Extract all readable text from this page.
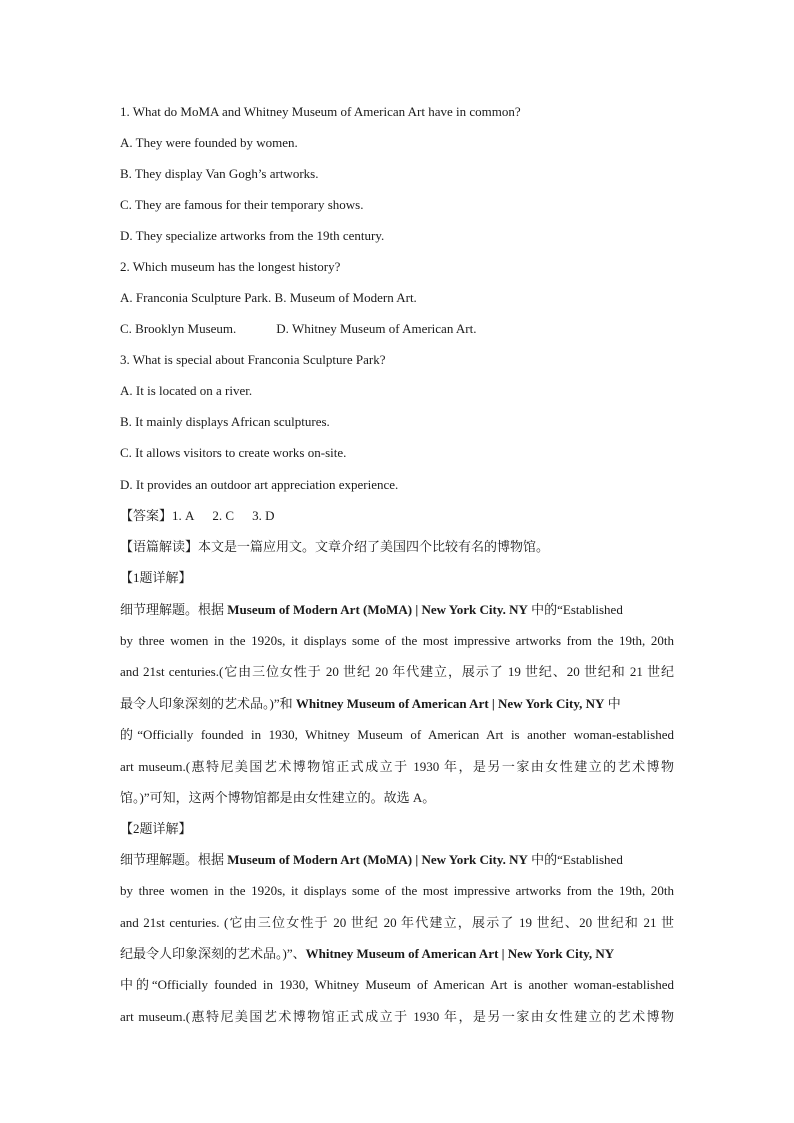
1. What do MoMA and Whitney Museum of American Art have in common?
A. They were founded by women.
B. They display Van Gogh’s artworks.
C. They are famous for their temporary shows.
D. They specialize artworks from the 19th century.
2. Which museum has the longest history?
A. Franconia Sculpture Park. B. Museum of Modern Art.
C. Brooklyn Museum.	D. Whitney Museum of American Art.
3. What is special about Franconia Sculpture Park?
A. It is located on a river.
B. It mainly displays African sculptures.
C. It allows visitors to create works on-site.
D. It provides an outdoor art appreciation experience.
【答案】1. A 2. C 3. D
【语篇解读】本文是一篇应用文。文章介绍了美国四个比较有名的博物馆。
【1题详解】
细节理解题。根据 Museum of Modern Art (MoMA) | New York City. NY 中的“Established
by three women in the 1920s, it displays some of the most impressive artworks from the 19th, 20th
and 21st centuries.(它由三位女性于 20 世纪 20 年代建立，展示了 19 世纪、20 世纪和 21 世纪
最令人印象深刻的艺术品。)”和 Whitney Museum of American Art | New York City, NY 中
的“Officially founded in 1930, Whitney Museum of American Art is another woman-established
art museum.(惠特尼美国艺术博物馆正式成立于 1930 年，是另一家由女性建立的艺术博物
馆。)”可知，这两个博物馆都是由女性建立的。故选 A。
【2题详解】
细节理解题。根据 Museum of Modern Art (MoMA) | New York City. NY 中的“Established
by three women in the 1920s, it displays some of the most impressive artworks from the 19th, 20th
and 21st centuries. (它由三位女性于 20 世纪 20 年代建立，展示了 19 世纪、20 世纪和 21 世
纪最令人印象深刻的艺术品。)”、Whitney Museum of American Art | New York City, NY
中的“Officially founded in 1930, Whitney Museum of American Art is another woman-established
art museum.(惠特尼美国艺术博物馆正式成立于 1930 年，是另一家由女性建立的艺术博物
